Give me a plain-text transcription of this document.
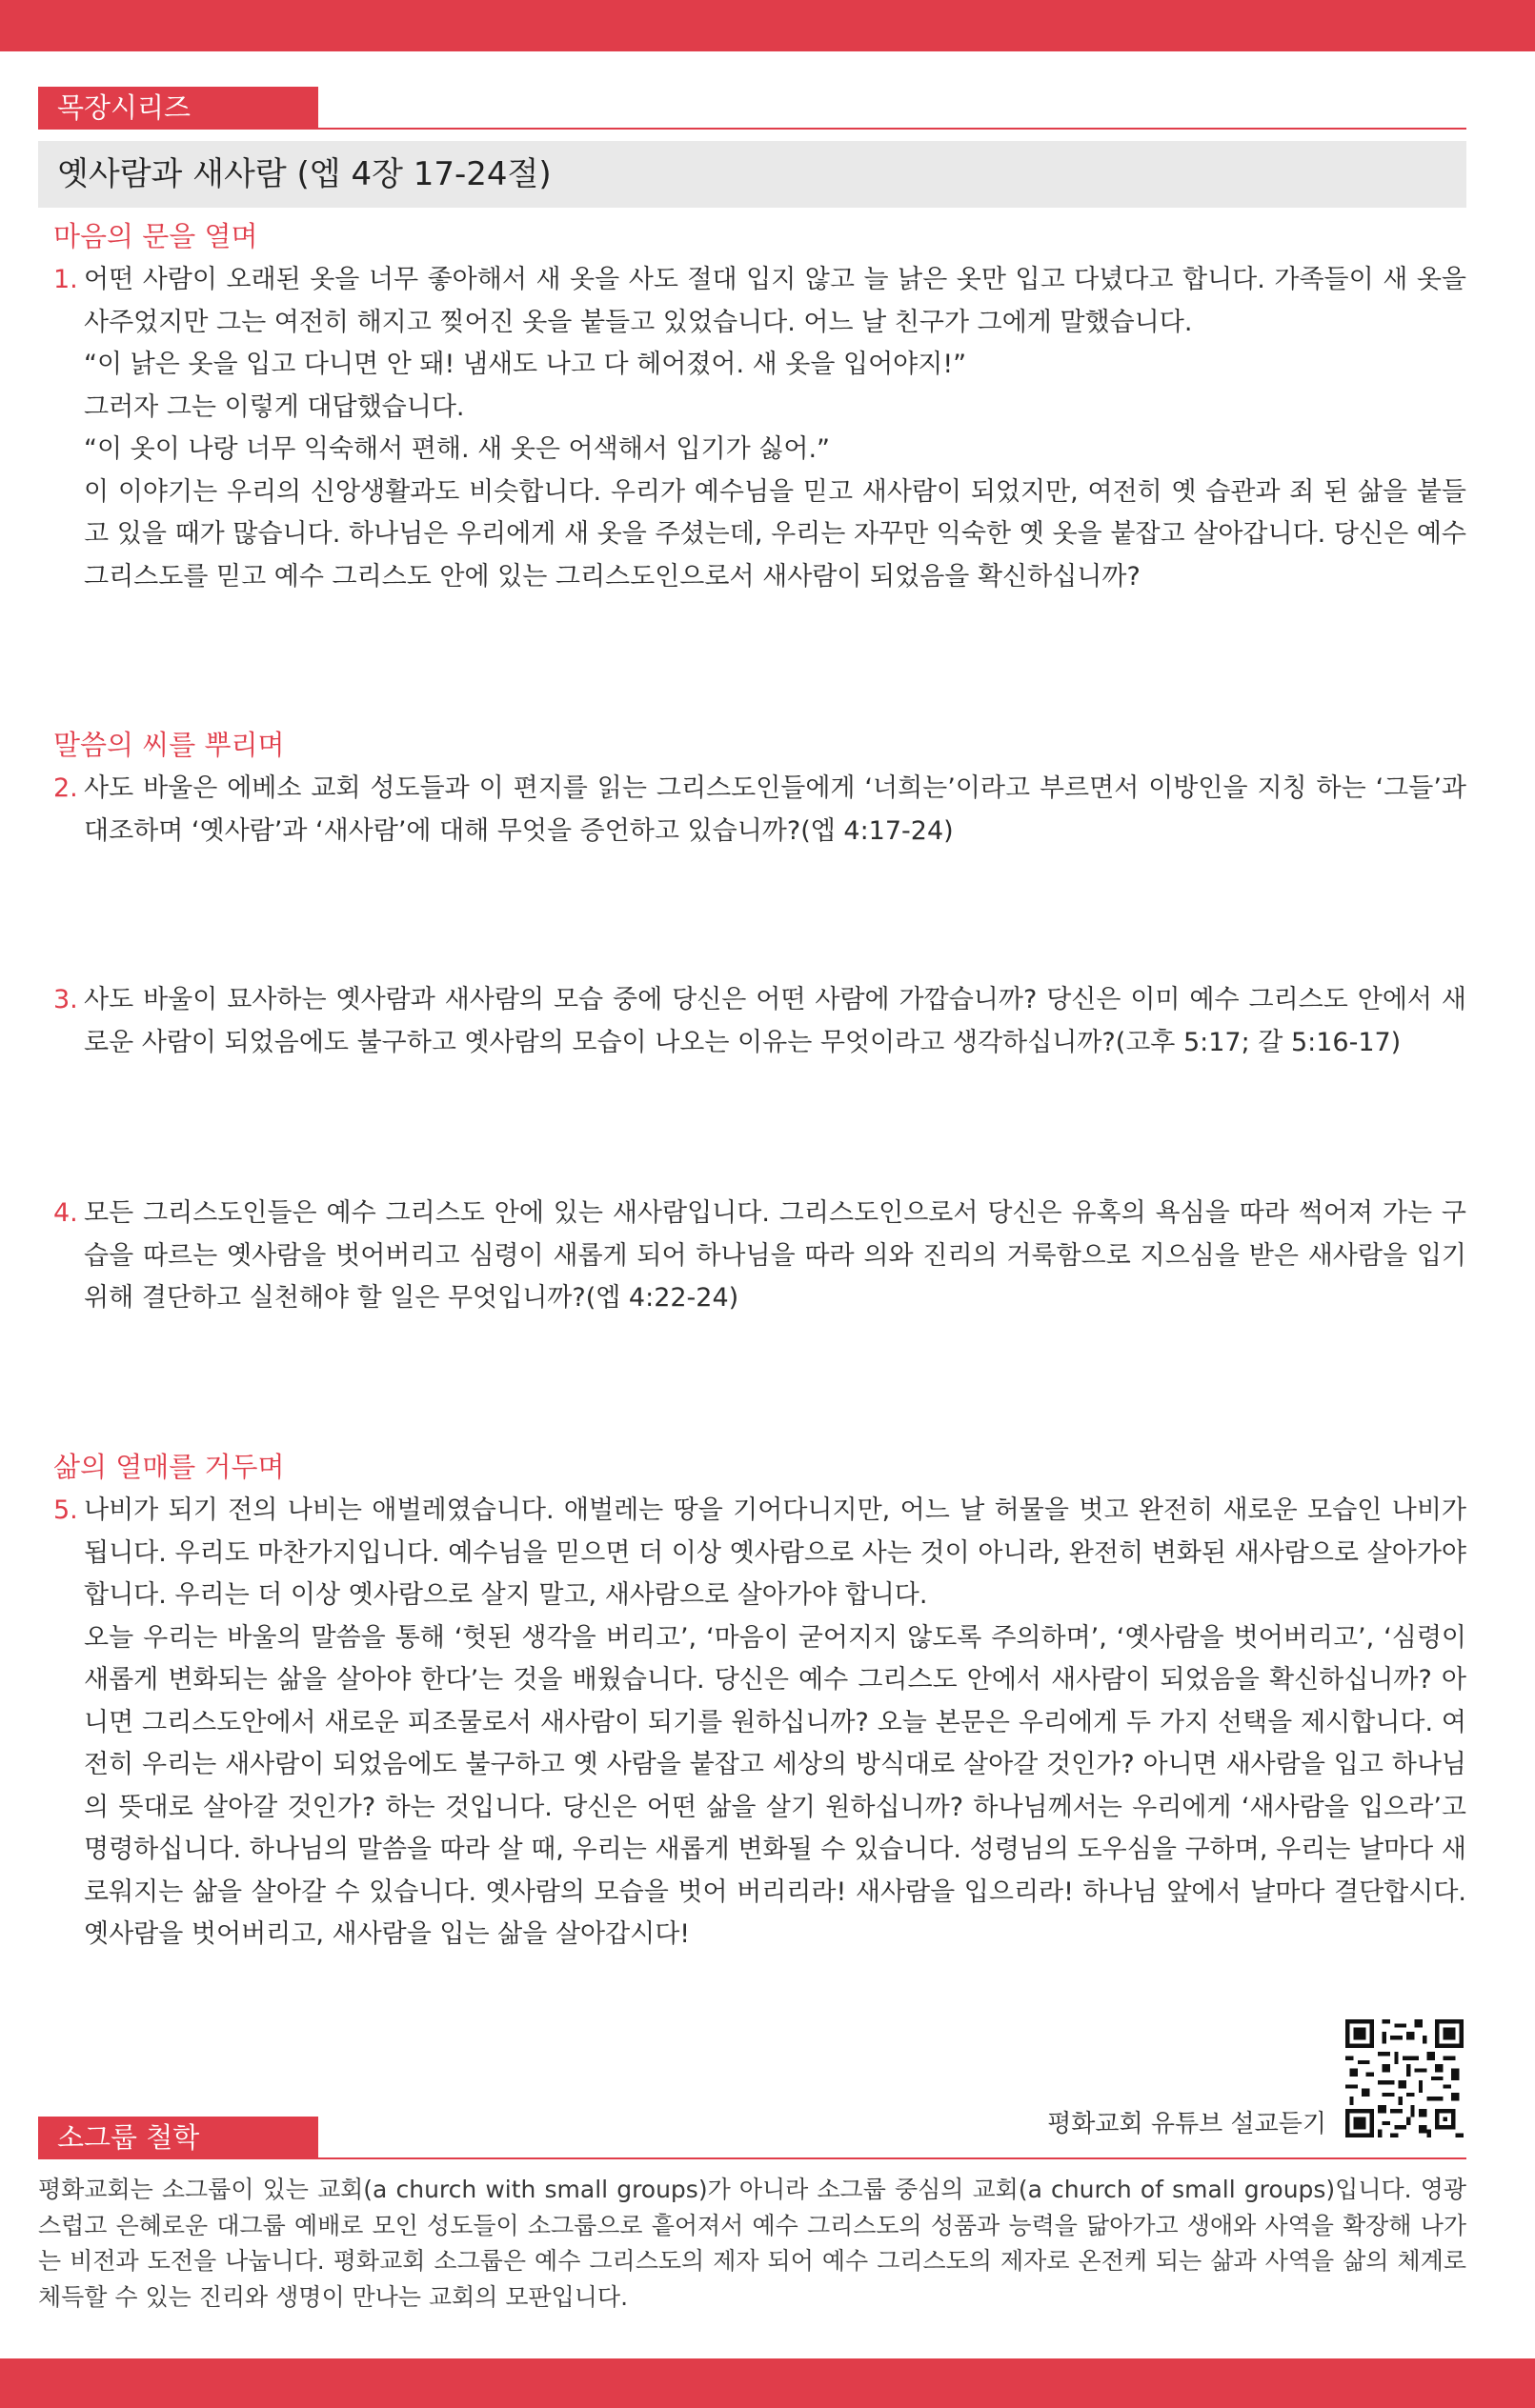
목장시리즈
옛사람과 새사람 (엡 4장 17-24절)
마음의 문을 열며
1. 어떤 사람이 오래된 옷을 너무 좋아해서 새 옷을 사도 절대 입지 않고 늘 낡은 옷만 입고 다녔다고 합니다. 가족들이 새 옷을 사주었지만 그는 여전히 해지고 찢어진 옷을 붙들고 있었습니다. 어느 날 친구가 그에게 말했습니다.

“이 낡은 옷을 입고 다니면 안 돼! 냄새도 나고 다 헤어졌어. 새 옷을 입어야지!”

그러자 그는 이렇게 대답했습니다.

“이 옷이 나랑 너무 익숙해서 편해. 새 옷은 어색해서 입기가 싫어.”

이 이야기는 우리의 신앙생활과도 비슷합니다. 우리가 예수님을 믿고 새사람이 되었지만, 여전히 옛 습관과 죄 된 삶을 붙들고 있을 때가 많습니다. 하나님은 우리에게 새 옷을 주셨는데, 우리는 자꾸만 익숙한 옛 옷을 붙잡고 살아갑니다. 당신은 예수 그리스도를 믿고 예수 그리스도 안에 있는 그리스도인으로서 새사람이 되었음을 확신하십니까?

말씀의 씨를 뿌리며
2. 사도 바울은 에베소 교회 성도들과 이 편지를 읽는 그리스도인들에게 ‘너희는’이라고 부르면서 이방인을 지칭 하는 ‘그들’과 대조하며 ‘옛사람’과 ‘새사람’에 대해 무엇을 증언하고 있습니까?(엡 4:17-24)

3. 사도 바울이 묘사하는 옛사람과 새사람의 모습 중에 당신은 어떤 사람에 가깝습니까? 당신은 이미 예수 그리스도 안에서 새로운 사람이 되었음에도 불구하고 옛사람의 모습이 나오는 이유는 무엇이라고 생각하십니까?(고후 5:17; 갈 5:16-17)

4. 모든 그리스도인들은 예수 그리스도 안에 있는 새사람입니다. 그리스도인으로서 당신은 유혹의 욕심을 따라 썩어져 가는 구습을 따르는 옛사람을 벗어버리고 심령이 새롭게 되어 하나님을 따라 의와 진리의 거룩함으로 지으심을 받은 새사람을 입기 위해 결단하고 실천해야 할 일은 무엇입니까?(엡 4:22-24)

삶의 열매를 거두며
5. 나비가 되기 전의 나비는 애벌레였습니다. 애벌레는 땅을 기어다니지만, 어느 날 허물을 벗고 완전히 새로운 모습인 나비가 됩니다. 우리도 마찬가지입니다. 예수님을 믿으면 더 이상 옛사람으로 사는 것이 아니라, 완전히 변화된 새사람으로 살아가야 합니다. 우리는 더 이상 옛사람으로 살지 말고, 새사람으로 살아가야 합니다.

오늘 우리는 바울의 말씀을 통해 ‘헛된 생각을 버리고’, ‘마음이 굳어지지 않도록 주의하며’, ‘옛사람을 벗어버리고’, ‘심령이 새롭게 변화되는 삶을 살아야 한다’는 것을 배웠습니다. 당신은 예수 그리스도 안에서 새사람이 되었음을 확신하십니까? 아니면 그리스도안에서 새로운 피조물로서 새사람이 되기를 원하십니까? 오늘 본문은 우리에게 두 가지 선택을 제시합니다. 여전히 우리는 새사람이 되었음에도 불구하고 옛 사람을 붙잡고 세상의 방식대로 살아갈 것인가? 아니면 새사람을 입고 하나님의 뜻대로 살아갈 것인가? 하는 것입니다. 당신은 어떤 삶을 살기 원하십니까? 하나님께서는 우리에게 ‘새사람을 입으라’고 명령하십니다. 하나님의 말씀을 따라 살 때, 우리는 새롭게 변화될 수 있습니다. 성령님의 도우심을 구하며, 우리는 날마다 새로워지는 삶을 살아갈 수 있습니다. 옛사람의 모습을 벗어 버리리라! 새사람을 입으리라! 하나님 앞에서 날마다 결단합시다. 옛사람을 벗어버리고, 새사람을 입는 삶을 살아갑시다!

평화교회 유튜브 설교듣기
소그룹 철학
평화교회는 소그룹이 있는 교회(a church with small groups)가 아니라 소그룹 중심의 교회(a church of small groups)입니다. 영광스럽고 은혜로운 대그룹 예배로 모인 성도들이 소그룹으로 흩어져서 예수 그리스도의 성품과 능력을 닮아가고 생애와 사역을 확장해 나가는 비전과 도전을 나눕니다. 평화교회 소그룹은 예수 그리스도의 제자 되어 예수 그리스도의 제자로 온전케 되는 삶과 사역을 삶의 체계로 체득할 수 있는 진리와 생명이 만나는 교회의 모판입니다.
